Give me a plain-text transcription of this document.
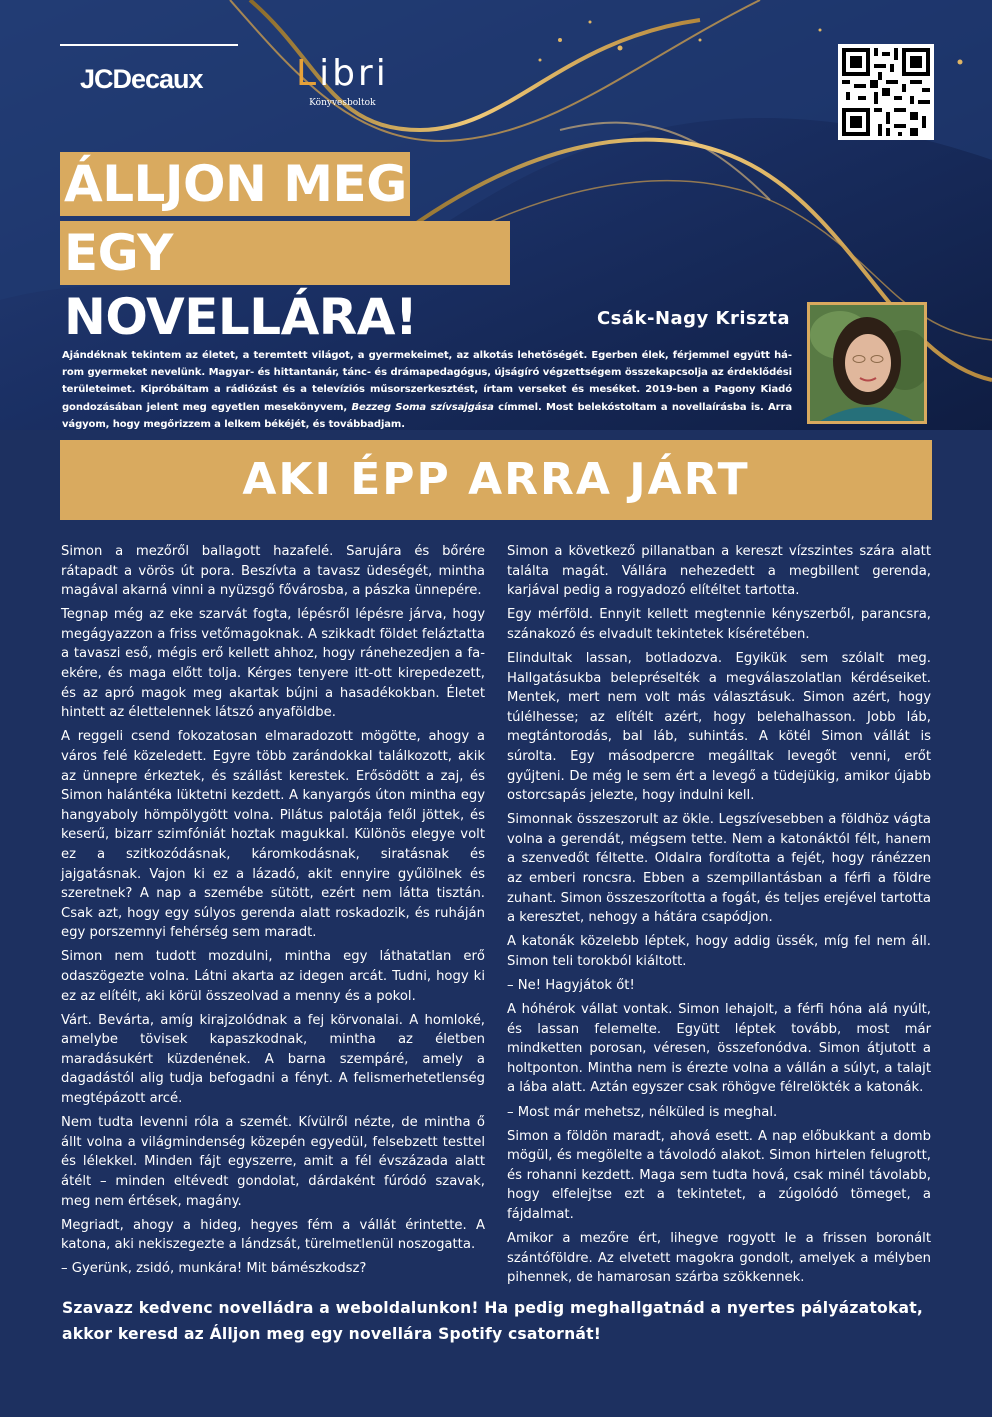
JCDecaux	Libri
Könyvesboltok
ÁLLJON MEG
EGY NOVELLÁRA!	Csák-Nagy Kriszta
Ajándéknak tekintem az életet, a teremtett világot, a gyermekeimet, az alkotás lehetőségét. Egerben élek, férjemmel együtt három gyermeket nevelünk. Magyar- és hittantanár, tánc- és drámapedagógus, újságíró végzettségem összekapcsolja az érdeklődési területeimet. Kipróbáltam a rádiózást és a televíziós műsorszerkesztést, írtam verseket és meséket. 2019-ben a Pagony Kiadó gondozásában jelent meg egyetlen mesekönyvem, Bezzeg Soma szívsajgása címmel. Most belekóstoltam a novellaírásba is. Arra vágyom, hogy megőrizzem a lelkem békéjét, és továbbadjam.
AKI ÉPP ARRA JÁRT

Simon a mezőről ballagott hazafelé. Sarujára és bőrére rátapadt a vörös út pora. Beszívta a tavasz üdeségét, mintha magával akarná vinni a nyüzsgő fővárosba, a pászka ünnepére.

Tegnap még az eke szarvát fogta, lépésről lépésre járva, hogy megágyazzon a friss vetőmagoknak. A szikkadt földet feláztatta a tavaszi eső, mégis erő kellett ahhoz, hogy ránehezedjen a faekére, és maga előtt tolja. Kérges tenyere itt-ott kirepedezett, és az apró magok meg akartak bújni a hasadékokban. Életet hintett az élettelennek látszó anyaföldbe.

A reggeli csend fokozatosan elmaradozott mögötte, ahogy a város felé közeledett. Egyre több zarándokkal találkozott, akik az ünnepre érkeztek, és szállást kerestek. Erősödött a zaj, és Simon halántéka lüktetni kezdett. A kanyargós úton mintha egy hangyaboly hömpölygött volna. Pilátus palotája felől jöttek, és keserű, bizarr szimfóniát hoztak magukkal. Különös elegye volt ez a szitkozódásnak, káromkodásnak, siratásnak és jajgatásnak. Vajon ki ez a lázadó, akit ennyire gyűlölnek és szeretnek? A nap a szemébe sütött, ezért nem látta tisztán. Csak azt, hogy egy súlyos gerenda alatt roskadozik, és ruháján egy porszemnyi fehérség sem maradt.

Simon nem tudott mozdulni, mintha egy láthatatlan erő odaszögezte volna. Látni akarta az idegen arcát. Tudni, hogy ki ez az elítélt, aki körül összeolvad a menny és a pokol.

Várt. Bevárta, amíg kirajzolódnak a fej körvonalai. A homloké, amelybe tövisek kapaszkodnak, mintha az életben maradásukért küzdenének. A barna szempáré, amely a dagadástól alig tudja befogadni a fényt. A felismerhetetlenség megtépázott arcé.

Nem tudta levenni róla a szemét. Kívülről nézte, de mintha ő állt volna a világmindenség közepén egyedül, felsebzett testtel és lélekkel. Minden fájt egyszerre, amit a fél évszázada alatt átélt – minden eltévedt gondolat, dárdaként fúródó szavak, meg nem értések, magány.

Megriadt, ahogy a hideg, hegyes fém a vállát érintette. A katona, aki nekiszegezte a lándzsát, türelmetlenül noszogatta.

– Gyerünk, zsidó, munkára! Mit bámészkodsz?

Simon a következő pillanatban a kereszt vízszintes szára alatt találta magát. Vállára nehezedett a megbillent gerenda, karjával pedig a rogyadozó elítéltet tartotta.

Egy mérföld. Ennyit kellett megtennie kényszerből, parancsra, szánakozó és elvadult tekintetek kíséretében.

Elindultak lassan, botladozva. Egyikük sem szólalt meg. Hallgatásukba belepréselték a megválaszolatlan kérdéseiket. Mentek, mert nem volt más választásuk. Simon azért, hogy túlélhesse; az elítélt azért, hogy belehalhasson. Jobb láb, megtántorodás, bal láb, suhintás. A kötél Simon vállát is súrolta. Egy másodpercre megálltak levegőt venni, erőt gyűjteni. De még le sem ért a levegő a tüdejükig, amikor újabb ostorcsapás jelezte, hogy indulni kell.

Simonnak összeszorult az ökle. Legszívesebben a földhöz vágta volna a gerendát, mégsem tette. Nem a katonáktól félt, hanem a szenvedőt féltette. Oldalra fordította a fejét, hogy ránézzen az emberi roncsra. Ebben a szempillantásban a férfi a földre zuhant. Simon összeszorította a fogát, és teljes erejével tartotta a keresztet, nehogy a hátára csapódjon.

A katonák közelebb léptek, hogy addig üssék, míg fel nem áll. Simon teli torokból kiáltott.

– Ne! Hagyjátok őt!

A hóhérok vállat vontak. Simon lehajolt, a férfi hóna alá nyúlt, és lassan felemelte. Együtt léptek tovább, most már mindketten porosan, véresen, összefonódva. Simon átjutott a holtponton. Mintha nem is érezte volna a vállán a súlyt, a talajt a lába alatt. Aztán egyszer csak röhögve félrelökték a katonák.

– Most már mehetsz, nélküled is meghal.

Simon a földön maradt, ahová esett. A nap előbukkant a domb mögül, és megölelte a távolodó alakot. Simon hirtelen felugrott, és rohanni kezdett. Maga sem tudta hová, csak minél távolabb, hogy elfelejtse ezt a tekintetet, a zúgolódó tömeget, a fájdalmat.

Amikor a mezőre ért, lihegve rogyott le a frissen boronált szántóföldre. Az elvetett magokra gondolt, amelyek a mélyben pihennek, de hamarosan szárba szökkennek.

Szavazz kedvenc novelládra a weboldalunkon! Ha pedig meghallgatnád a nyertes pályázatokat,
akkor keresd az Álljon meg egy novellára Spotify csatornát!
